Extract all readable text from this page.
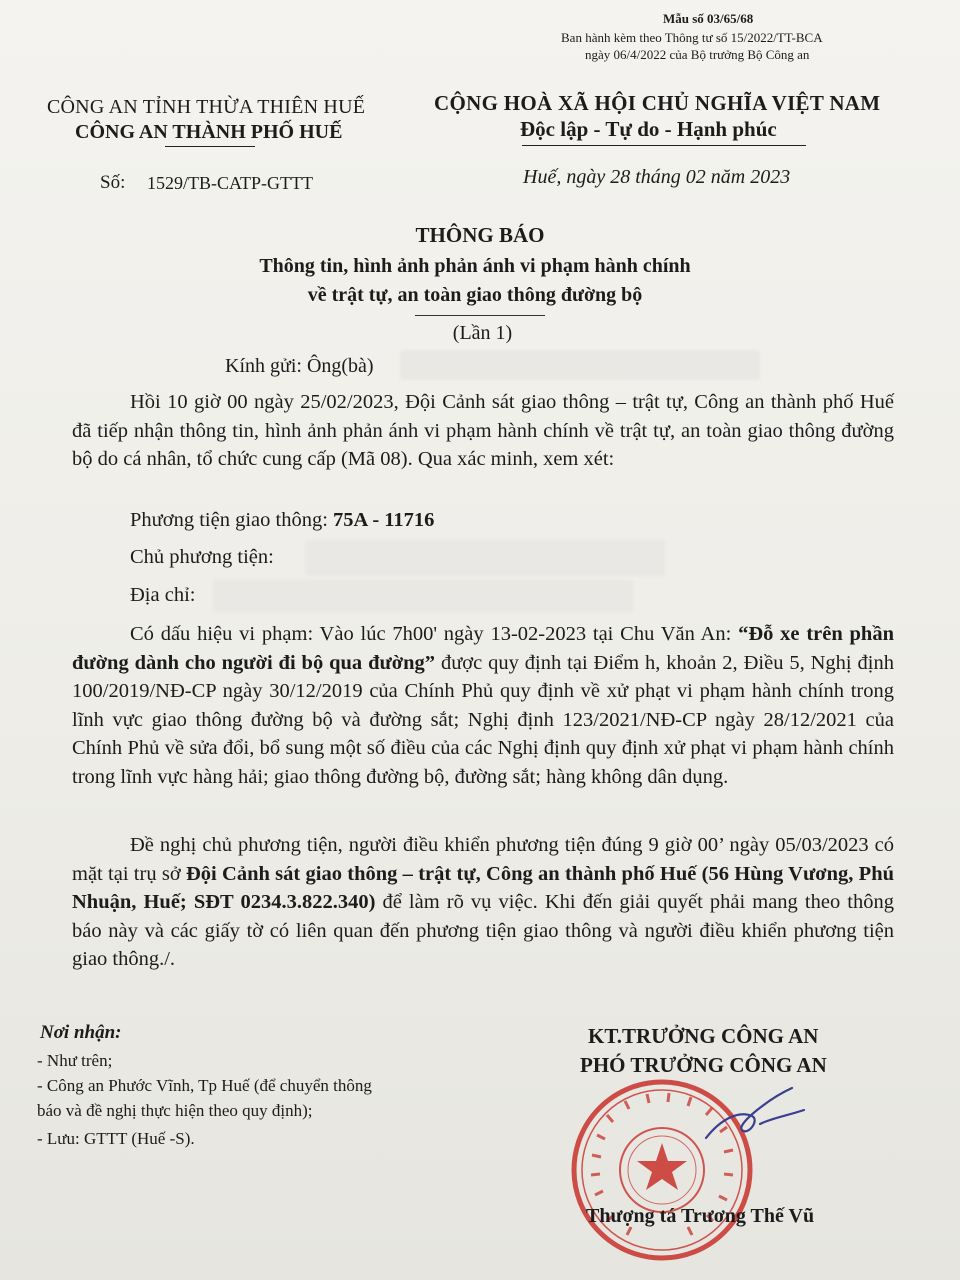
Mẫu số 03/65/68
Ban hành kèm theo Thông tư số 15/2022/TT-BCA
ngày 06/4/2022 của Bộ trưởng Bộ Công an
CÔNG AN TỈNH THỪA THIÊN HUẾ
CÔNG AN THÀNH PHỐ HUẾ
Số: 1529/TB-CATP-GTTT
CỘNG HOÀ XÃ HỘI CHỦ NGHĨA VIỆT NAM
Độc lập - Tự do - Hạnh phúc
Huế, ngày 28 tháng 02 năm 2023
THÔNG BÁO
Thông tin, hình ảnh phản ánh vi phạm hành chính
về trật tự, an toàn giao thông đường bộ
(Lần 1)
Kính gửi: Ông(bà)
Hồi 10 giờ 00 ngày 25/02/2023, Đội Cảnh sát giao thông – trật tự, Công an thành phố Huế đã tiếp nhận thông tin, hình ảnh phản ánh vi phạm hành chính về trật tự, an toàn giao thông đường bộ do cá nhân, tổ chức cung cấp (Mã 08). Qua xác minh, xem xét:
Phương tiện giao thông: 75A - 11716
Chủ phương tiện:
Địa chỉ:
Có dấu hiệu vi phạm: Vào lúc 7h00' ngày 13-02-2023 tại Chu Văn An: “Đỗ xe trên phần đường dành cho người đi bộ qua đường” được quy định tại Điểm h, khoản 2, Điều 5, Nghị định 100/2019/NĐ-CP ngày 30/12/2019 của Chính Phủ quy định về xử phạt vi phạm hành chính trong lĩnh vực giao thông đường bộ và đường sắt; Nghị định 123/2021/NĐ-CP ngày 28/12/2021 của Chính Phủ về sửa đổi, bổ sung một số điều của các Nghị định quy định xử phạt vi phạm hành chính trong lĩnh vực hàng hải; giao thông đường bộ, đường sắt; hàng không dân dụng.
Đề nghị chủ phương tiện, người điều khiển phương tiện đúng 9 giờ 00’ ngày 05/03/2023 có mặt tại trụ sở Đội Cảnh sát giao thông – trật tự, Công an thành phố Huế (56 Hùng Vương, Phú Nhuận, Huế; SĐT 0234.3.822.340) để làm rõ vụ việc. Khi đến giải quyết phải mang theo thông báo này và các giấy tờ có liên quan đến phương tiện giao thông và người điều khiển phương tiện giao thông./.
Nơi nhận:
- Như trên;
- Công an Phước Vĩnh, Tp Huế (để chuyển thông
báo và đề nghị thực hiện theo quy định);
- Lưu: GTTT (Huế -S).
KT.TRƯỞNG CÔNG AN
PHÓ TRƯỞNG CÔNG AN
Thượng tá Trương Thế Vũ
